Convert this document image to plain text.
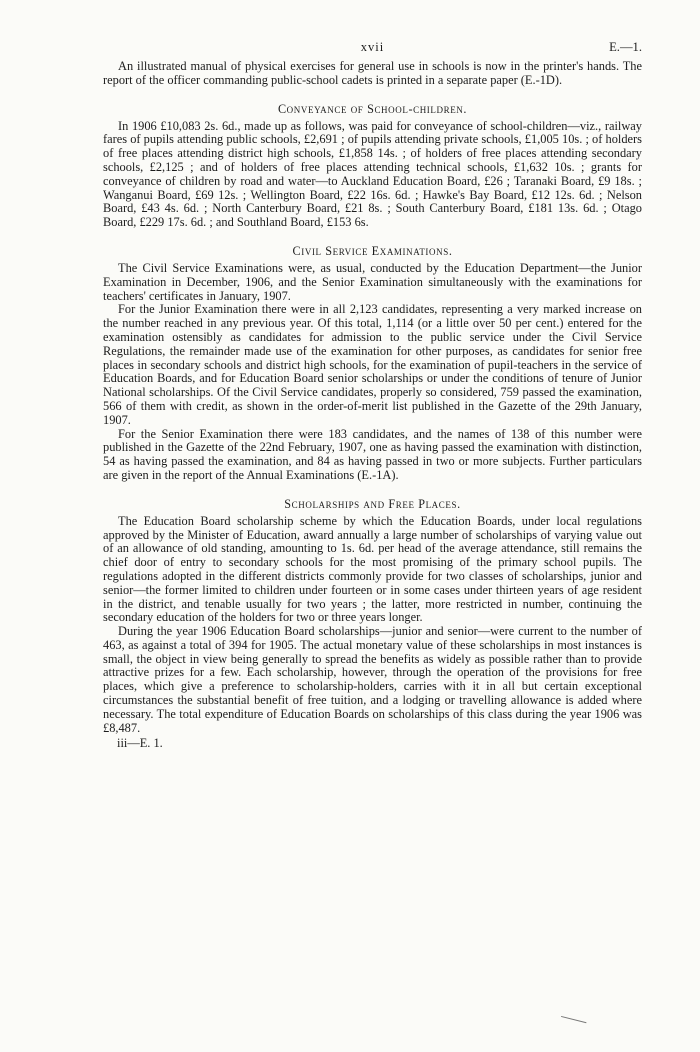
xvii	E.—1.

An illustrated manual of physical exercises for general use in schools is now in the printer's hands. The report of the officer commanding public-school cadets is printed in a separate paper (E.-1D).

Conveyance of School-children.

In 1906 £10,083 2s. 6d., made up as follows, was paid for conveyance of school-children—viz., railway fares of pupils attending public schools, £2,691 ; of pupils attending private schools, £1,005 10s. ; of holders of free places attending district high schools, £1,858 14s. ; of holders of free places attending secondary schools, £2,125 ; and of holders of free places attending technical schools, £1,632 10s. ; grants for conveyance of children by road and water—to Auckland Education Board, £26 ; Taranaki Board, £9 18s. ; Wanganui Board, £69 12s. ; Wellington Board, £22 16s. 6d. ; Hawke's Bay Board, £12 12s. 6d. ; Nelson Board, £43 4s. 6d. ; North Canterbury Board, £21 8s. ; South Canterbury Board, £181 13s. 6d. ; Otago Board, £229 17s. 6d. ; and Southland Board, £153 6s.

Civil Service Examinations.

The Civil Service Examinations were, as usual, conducted by the Education Department—the Junior Examination in December, 1906, and the Senior Examination simultaneously with the examinations for teachers' certificates in January, 1907.

For the Junior Examination there were in all 2,123 candidates, representing a very marked increase on the number reached in any previous year. Of this total, 1,114 (or a little over 50 per cent.) entered for the examination ostensibly as candidates for admission to the public service under the Civil Service Regulations, the remainder made use of the examination for other purposes, as candidates for senior free places in secondary schools and district high schools, for the examination of pupil-teachers in the service of Education Boards, and for Education Board senior scholarships or under the conditions of tenure of Junior National scholarships. Of the Civil Service candidates, properly so considered, 759 passed the examination, 566 of them with credit, as shown in the order-of-merit list published in the Gazette of the 29th January, 1907.

For the Senior Examination there were 183 candidates, and the names of 138 of this number were published in the Gazette of the 22nd February, 1907, one as having passed the examination with distinction, 54 as having passed the examination, and 84 as having passed in two or more subjects. Further particulars are given in the report of the Annual Examinations (E.-1A).

Scholarships and Free Places.

The Education Board scholarship scheme by which the Education Boards, under local regulations approved by the Minister of Education, award annually a large number of scholarships of varying value out of an allowance of old standing, amounting to 1s. 6d. per head of the average attendance, still remains the chief door of entry to secondary schools for the most promising of the primary school pupils. The regulations adopted in the different districts commonly provide for two classes of scholarships, junior and senior—the former limited to children under fourteen or in some cases under thirteen years of age resident in the district, and tenable usually for two years ; the latter, more restricted in number, continuing the secondary education of the holders for two or three years longer.

During the year 1906 Education Board scholarships—junior and senior—were current to the number of 463, as against a total of 394 for 1905. The actual monetary value of these scholarships in most instances is small, the object in view being generally to spread the benefits as widely as possible rather than to provide attractive prizes for a few. Each scholarship, however, through the operation of the provisions for free places, which give a preference to scholarship-holders, carries with it in all but certain exceptional circumstances the substantial benefit of free tuition, and a lodging or travelling allowance is added where necessary. The total expenditure of Education Boards on scholarships of this class during the year 1906 was £8,487.

iii—E. 1.
